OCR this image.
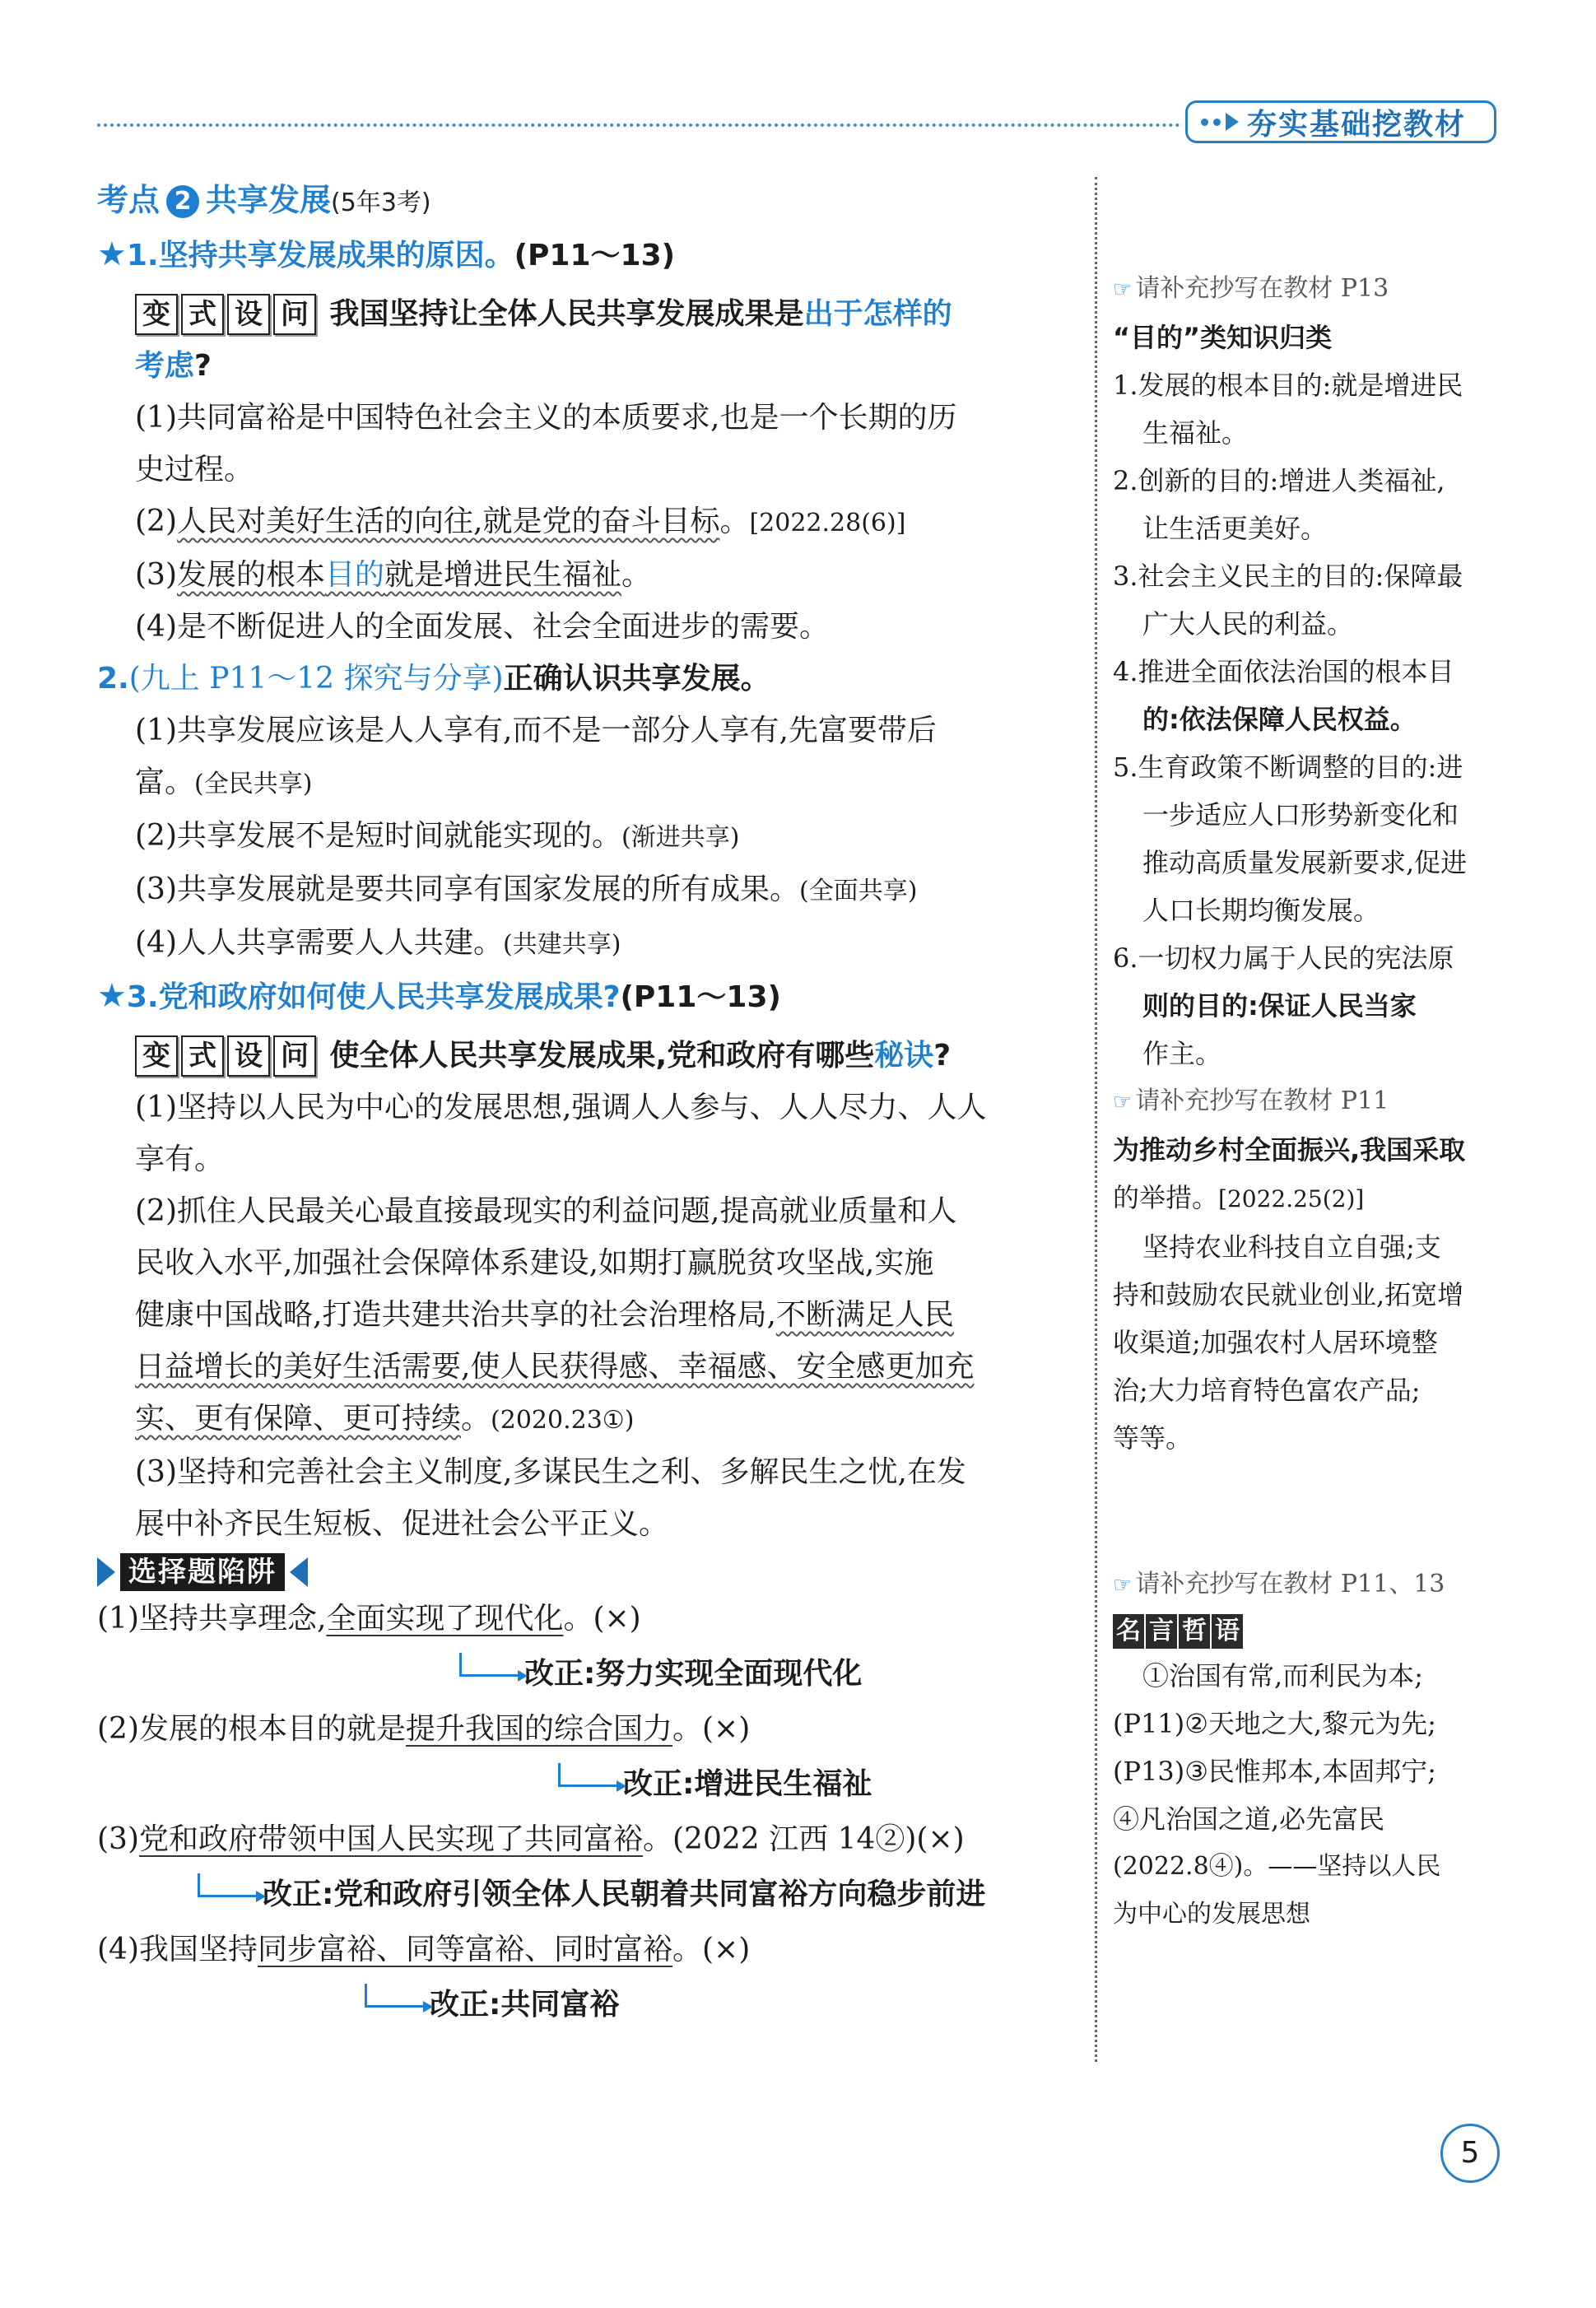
夯实基础挖教材
考点 2 共享发展(5年3考)
★1.坚持共享发展成果的原因。(P11～13)
变 式 设 问 我国坚持让全体人民共享发展成果是出于怎样的
考虑?
(1)共同富裕是中国特色社会主义的本质要求,也是一个长期的历
史过程。
(2)人民对美好生活的向往,就是党的奋斗目标。[2022.28(6)]
(3)发展的根本目的就是增进民生福祉。
(4)是不断促进人的全面发展、社会全面进步的需要。
2.(九上 P11～12 探究与分享)正确认识共享发展。
(1)共享发展应该是人人享有,而不是一部分人享有,先富要带后
富。(全民共享)
(2)共享发展不是短时间就能实现的。(渐进共享)
(3)共享发展就是要共同享有国家发展的所有成果。(全面共享)
(4)人人共享需要人人共建。(共建共享)
★3.党和政府如何使人民共享发展成果?(P11～13)
变 式 设 问 使全体人民共享发展成果,党和政府有哪些秘诀?
(1)坚持以人民为中心的发展思想,强调人人参与、人人尽力、人人
享有。
(2)抓住人民最关心最直接最现实的利益问题,提高就业质量和人
民收入水平,加强社会保障体系建设,如期打赢脱贫攻坚战,实施
健康中国战略,打造共建共治共享的社会治理格局,不断满足人民
日益增长的美好生活需要,使人民获得感、幸福感、安全感更加充
实、更有保障、更可持续。(2020.23①)
(3)坚持和完善社会主义制度,多谋民生之利、多解民生之忧,在发
展中补齐民生短板、促进社会公平正义。
选择题陷阱
(1)坚持共享理念,全面实现了现代化。(×)
改正:努力实现全面现代化
(2)发展的根本目的就是提升我国的综合国力。(×)
改正:增进民生福祉
(3)党和政府带领中国人民实现了共同富裕。(2022 江西 14②)(×)
改正:党和政府引领全体人民朝着共同富裕方向稳步前进
(4)我国坚持同步富裕、同等富裕、同时富裕。(×)
改正:共同富裕
☞ 请补充抄写在教材 P13
“目的”类知识归类
1.发展的根本目的:就是增进民
生福祉。
2.创新的目的:增进人类福祉,
让生活更美好。
3.社会主义民主的目的:保障最
广大人民的利益。
4.推进全面依法治国的根本目
的:依法保障人民权益。
5.生育政策不断调整的目的:进
一步适应人口形势新变化和
推动高质量发展新要求,促进
人口长期均衡发展。
6.一切权力属于人民的宪法原
则的目的:保证人民当家
作主。
☞ 请补充抄写在教材 P11
为推动乡村全面振兴,我国采取
的举措。[2022.25(2)]
坚持农业科技自立自强;支
持和鼓励农民就业创业,拓宽增
收渠道;加强农村人居环境整
治;大力培育特色富农产品;
等等。
☞ 请补充抄写在教材 P11、13
名 言 哲 语
①治国有常,而利民为本;
(P11)②天地之大,黎元为先;
(P13)③民惟邦本,本固邦宁;
④凡治国之道,必先富民
(2022.8④)。——坚持以人民
为中心的发展思想
5
